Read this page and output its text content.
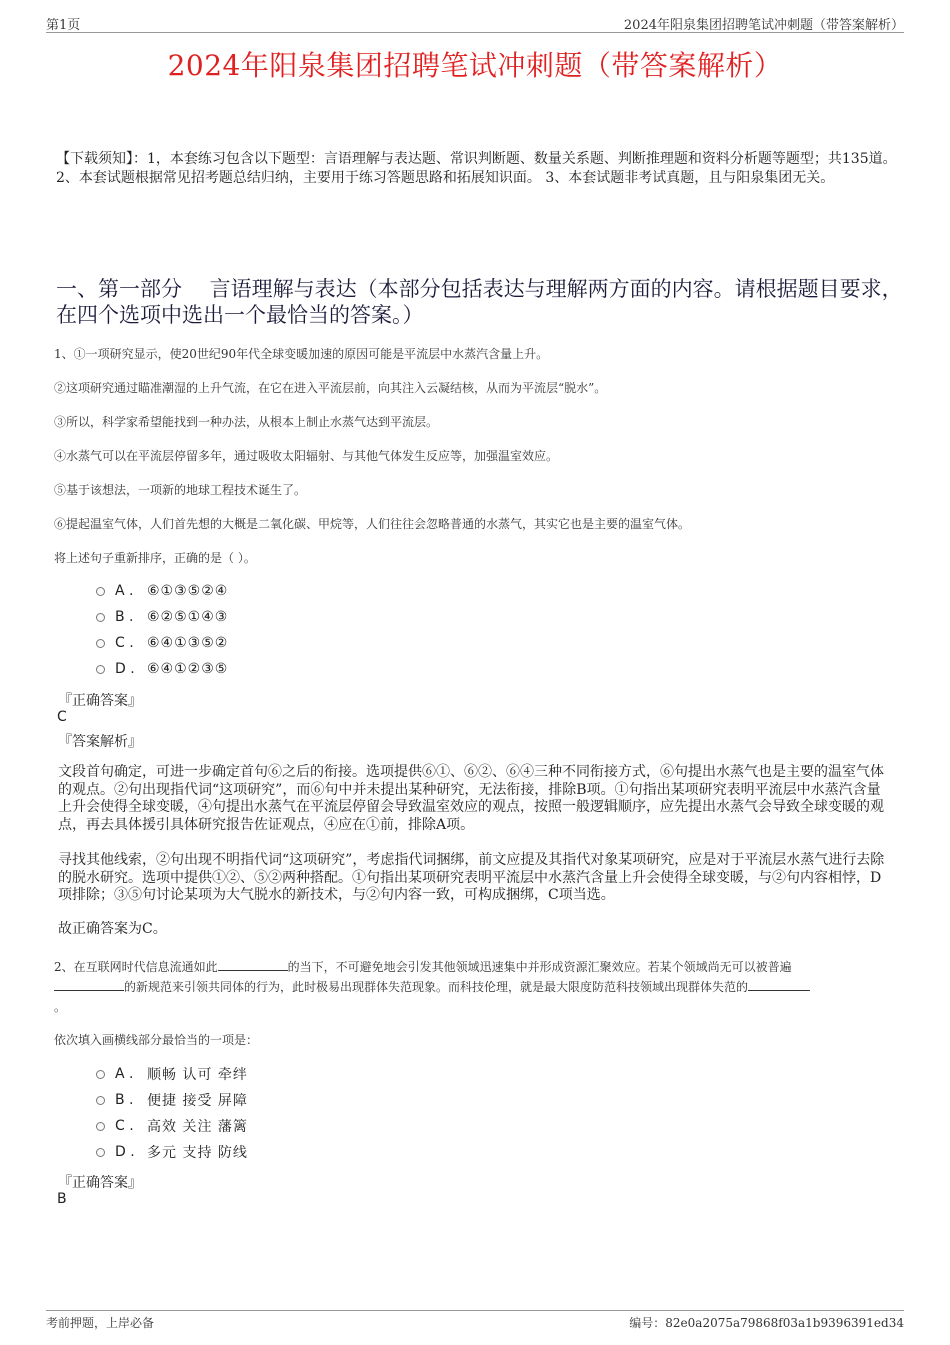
第1页	2024年阳泉集团招聘笔试冲刺题（带答案解析）
2024年阳泉集团招聘笔试冲刺题（带答案解析）
【下载须知】：1，本套练习包含以下题型：言语理解与表达题、常识判断题、数量关系题、判断推理题和资料分析题等题型；共135道。 2、本套试题根据常见招考题总结归纳，主要用于练习答题思路和拓展知识面。 3、本套试题非考试真题，且与阳泉集团无关。
一、第一部分　 言语理解与表达（本部分包括表达与理解两方面的内容。请根据题目要求，在四个选项中选出一个最恰当的答案。）
1、①一项研究显示，使20世纪90年代全球变暖加速的原因可能是平流层中水蒸汽含量上升。
②这项研究通过瞄准潮湿的上升气流，在它在进入平流层前，向其注入云凝结核，从而为平流层“脱水”。
③所以，科学家希望能找到一种办法，从根本上制止水蒸气达到平流层。
④水蒸气可以在平流层停留多年，通过吸收太阳辐射、与其他气体发生反应等，加强温室效应。
⑤基于该想法，一项新的地球工程技术诞生了。
⑥提起温室气体，人们首先想的大概是二氧化碳、甲烷等，人们往往会忽略普通的水蒸气，其实它也是主要的温室气体。
将上述句子重新排序，正确的是（ ）。
A . ⑥①③⑤②④
B . ⑥②⑤①④③
C . ⑥④①③⑤②
D . ⑥④①②③⑤
『正确答案』
C
『答案解析』
文段首句确定，可进一步确定首句⑥之后的衔接。选项提供⑥①、⑥②、⑥④三种不同衔接方式，⑥句提出水蒸气也是主要的温室气体的观点。②句出现指代词“这项研究”，而⑥句中并未提出某种研究，无法衔接，排除B项。①句指出某项研究表明平流层中水蒸汽含量上升会使得全球变暖，④句提出水蒸气在平流层停留会导致温室效应的观点，按照一般逻辑顺序，应先提出水蒸气会导致全球变暖的观点，再去具体援引具体研究报告佐证观点，④应在①前，排除A项。
寻找其他线索，②句出现不明指代词“这项研究”，考虑指代词捆绑，前文应提及其指代对象某项研究，应是对于平流层水蒸气进行去除的脱水研究。选项中提供①②、⑤②两种搭配。①句指出某项研究表明平流层中水蒸汽含量上升会使得全球变暖，与②句内容相悖，D项排除；③⑤句讨论某项为大气脱水的新技术，与②句内容一致，可构成捆绑，C项当选。
故正确答案为C。
2、在互联网时代信息流通如此	的当下，不可避免地会引发其他领域迅速集中并形成资源汇聚效应。若某个领域尚无可以被普遍
的新规范来引领共同体的行为，此时极易出现群体失范现象。而科技伦理，就是最大限度防范科技领域出现群体失范的
。
依次填入画横线部分最恰当的一项是：
A . 顺畅 认可 牵绊
B . 便捷 接受 屏障
C . 高效 关注 藩篱
D . 多元 支持 防线
『正确答案』
B
考前押题，上岸必备	编号：82e0a2075a79868f03a1b9396391ed34
